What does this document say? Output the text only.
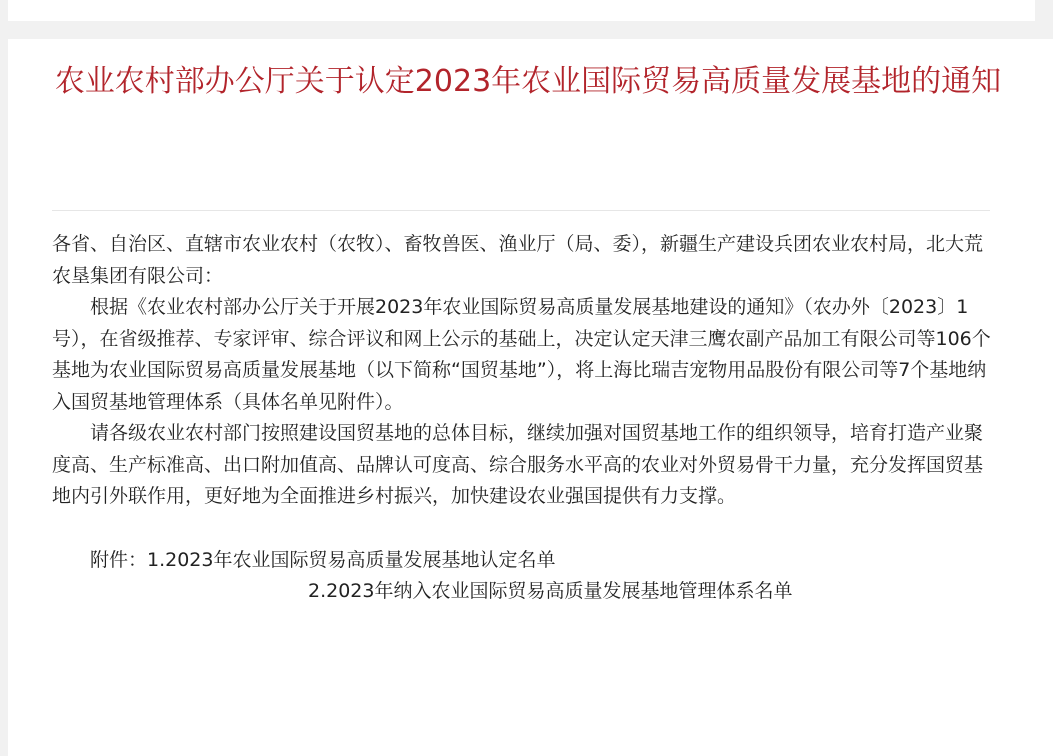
农业农村部办公厅关于认定2023年农业国际贸易高质量发展基地的通知

各省、自治区、直辖市农业农村（农牧）、畜牧兽医、渔业厅（局、委），新疆生产建设兵团农业农村局，北大荒农垦集团有限公司：

根据《农业农村部办公厅关于开展2023年农业国际贸易高质量发展基地建设的通知》（农办外〔2023〕1号），在省级推荐、专家评审、综合评议和网上公示的基础上，决定认定天津三鹰农副产品加工有限公司等106个基地为农业国际贸易高质量发展基地（以下简称“国贸基地”），将上海比瑞吉宠物用品股份有限公司等7个基地纳入国贸基地管理体系（具体名单见附件）。

请各级农业农村部门按照建设国贸基地的总体目标，继续加强对国贸基地工作的组织领导，培育打造产业聚度高、生产标准高、出口附加值高、品牌认可度高、综合服务水平高的农业对外贸易骨干力量，充分发挥国贸基地内引外联作用，更好地为全面推进乡村振兴，加快建设农业强国提供有力支撑。

附件：1.2023年农业国际贸易高质量发展基地认定名单

2.2023年纳入农业国际贸易高质量发展基地管理体系名单
